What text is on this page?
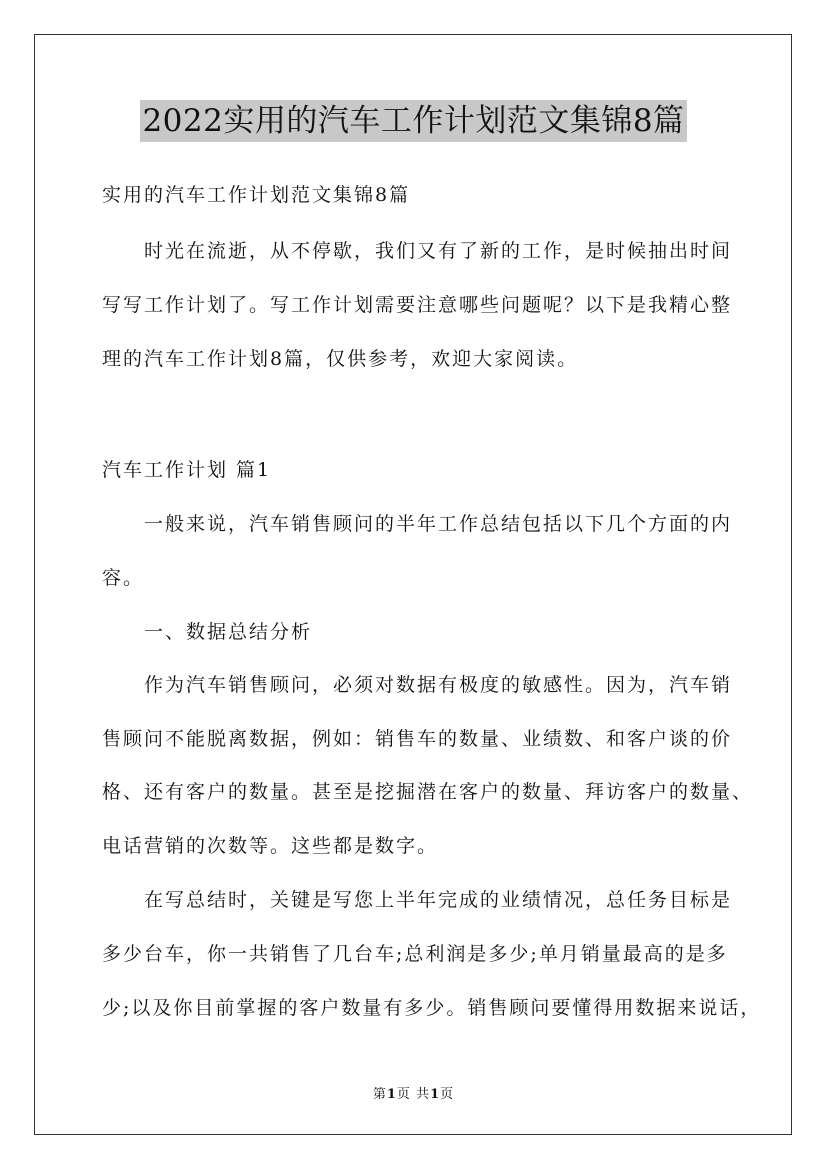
2022实用的汽车工作计划范文集锦8篇

实用的汽车工作计划范文集锦8篇

　　时光在流逝，从不停歇，我们又有了新的工作，是时候抽出时间

写写工作计划了。写工作计划需要注意哪些问题呢？以下是我精心整

理的汽车工作计划8篇，仅供参考，欢迎大家阅读。

汽车工作计划 篇1

　　一般来说，汽车销售顾问的半年工作总结包括以下几个方面的内

容。

　　一、数据总结分析

　　作为汽车销售顾问，必须对数据有极度的敏感性。因为，汽车销

售顾问不能脱离数据，例如：销售车的数量、业绩数、和客户谈的价

格、还有客户的数量。甚至是挖掘潜在客户的数量、拜访客户的数量、

电话营销的次数等。这些都是数字。

　　在写总结时，关键是写您上半年完成的业绩情况，总任务目标是

多少台车，你一共销售了几台车;总利润是多少;单月销量最高的是多

少;以及你目前掌握的客户数量有多少。销售顾问要懂得用数据来说话，

第1页 共1页
